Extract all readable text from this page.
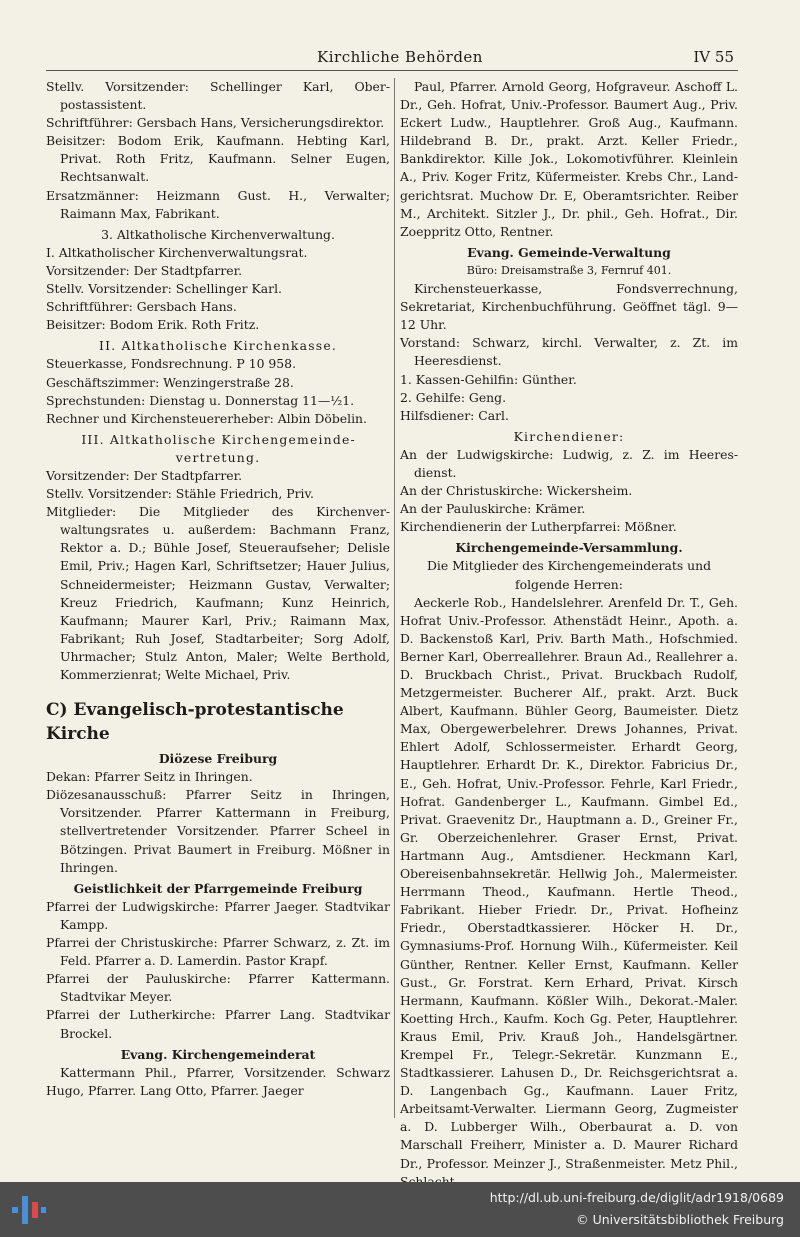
Kirchliche Behörden	IV 55

Stellv. Vorsitzender: Schellinger Karl, Oberpostassistent.

Schriftführer: Gersbach Hans, Versicherungsdirektor.

Beisitzer: Bodom Erik, Kaufmann. Hebting Karl, Privat. Roth Fritz, Kaufmann. Selner Eugen, Rechtsanwalt.

Ersatzmänner: Heizmann Gust. H., Verwalter; Raimann Max, Fabrikant.

3. Altkatholische Kirchenverwaltung.

I. Altkatholischer Kirchenverwaltungsrat.

Vorsitzender: Der Stadtpfarrer.

Stellv. Vorsitzender: Schellinger Karl.

Schriftführer: Gersbach Hans.

Beisitzer: Bodom Erik. Roth Fritz.

II. Altkatholische Kirchenkasse.

Steuerkasse, Fondsrechnung. P 10 958.

Geschäftszimmer: Wenzingerstraße 28.

Sprechstunden: Dienstag u. Donnerstag 11—½1.

Rechner und Kirchensteuererheber: Albin Döbelin.

III. Altkatholische Kirchengemeindevertretung.

Vorsitzender: Der Stadtpfarrer.

Stellv. Vorsitzender: Stähle Friedrich, Priv.

Mitglieder: Die Mitglieder des Kirchenverwaltungsrates u. außerdem: Bachmann Franz, Rektor a. D.; Bühle Josef, Steueraufseher; Delisle Emil, Priv.; Hagen Karl, Schriftsetzer; Hauer Julius, Schneidermeister; Heizmann Gustav, Verwalter; Kreuz Friedrich, Kaufmann; Kunz Heinrich, Kaufmann; Maurer Karl, Priv.; Raimann Max, Fabrikant; Ruh Josef, Stadtarbeiter; Sorg Adolf, Uhrmacher; Stulz Anton, Maler; Welte Berthold, Kommerzienrat; Welte Michael, Priv.

C) Evangelisch-protestantische Kirche

Diözese Freiburg

Dekan: Pfarrer Seitz in Ihringen.

Diözesanausschuß: Pfarrer Seitz in Ihringen, Vorsitzender. Pfarrer Kattermann in Freiburg, stellvertretender Vorsitzender. Pfarrer Scheel in Bötzingen. Privat Baumert in Freiburg. Mößner in Ihringen.

Geistlichkeit der Pfarrgemeinde Freiburg

Pfarrei der Ludwigskirche: Pfarrer Jaeger. Stadtvikar Kampp.

Pfarrei der Christuskirche: Pfarrer Schwarz, z. Zt. im Feld. Pfarrer a. D. Lamerdin. Pastor Krapf.

Pfarrei der Pauluskirche: Pfarrer Kattermann. Stadtvikar Meyer.

Pfarrei der Lutherkirche: Pfarrer Lang. Stadtvikar Brockel.

Evang. Kirchengemeinderat

Kattermann Phil., Pfarrer, Vorsitzender. Schwarz Hugo, Pfarrer. Lang Otto, Pfarrer. Jaeger

Paul, Pfarrer. Arnold Georg, Hofgraveur. Aschoff L. Dr., Geh. Hofrat, Univ.-Professor. Baumert Aug., Priv. Eckert Ludw., Hauptlehrer. Groß Aug., Kaufmann. Hildebrand B. Dr., prakt. Arzt. Keller Friedr., Bankdirektor. Kille Jok., Lokomotivführer. Kleinlein A., Priv. Koger Fritz, Küfermeister. Krebs Chr., Landgerichtsrat. Muchow Dr. E, Oberamtsrichter. Reiber M., Architekt. Sitzler J., Dr. phil., Geh. Hofrat., Dir. Zoeppritz Otto, Rentner.

Evang. Gemeinde-Verwaltung

Büro: Dreisamstraße 3, Fernruf 401.

Kirchensteuerkasse, Fondsverrechnung, Sekretariat, Kirchenbuchführung. Geöffnet tägl. 9—12 Uhr.

Vorstand: Schwarz, kirchl. Verwalter, z. Zt. im Heeresdienst.

1. Kassen-Gehilfin: Günther.

2. Gehilfe: Geng.

Hilfsdiener: Carl.

Kirchendiener:

An der Ludwigskirche: Ludwig, z. Z. im Heeresdienst.

An der Christuskirche: Wickersheim.

An der Pauluskirche: Krämer.

Kirchendienerin der Lutherpfarrei: Mößner.

Kirchengemeinde-Versammlung.

Die Mitglieder des Kirchengemeinderats und folgende Herren:

Aeckerle Rob., Handelslehrer. Arenfeld Dr. T., Geh. Hofrat Univ.-Professor. Athenstädt Heinr., Apoth. a. D. Backenstoß Karl, Priv. Barth Math., Hofschmied. Berner Karl, Oberreallehrer. Braun Ad., Reallehrer a. D. Bruckbach Christ., Privat. Bruckbach Rudolf, Metzgermeister. Bucherer Alf., prakt. Arzt. Buck Albert, Kaufmann. Bühler Georg, Baumeister. Dietz Max, Obergewerbelehrer. Drews Johannes, Privat. Ehlert Adolf, Schlossermeister. Erhardt Georg, Hauptlehrer. Erhardt Dr. K., Direktor. Fabricius Dr., E., Geh. Hofrat, Univ.-Professor. Fehrle, Karl Friedr., Hofrat. Gandenberger L., Kaufmann. Gimbel Ed., Privat. Graevenitz Dr., Hauptmann a. D., Greiner Fr., Gr. Oberzeichenlehrer. Graser Ernst, Privat. Hartmann Aug., Amtsdiener. Heckmann Karl, Obereisenbahnsekretär. Hellwig Joh., Malermeister. Herrmann Theod., Kaufmann. Hertle Theod., Fabrikant. Hieber Friedr. Dr., Privat. Hofheinz Friedr., Oberstadtkassierer. Höcker H. Dr., Gymnasiums-Prof. Hornung Wilh., Küfermeister. Keil Günther, Rentner. Keller Ernst, Kaufmann. Keller Gust., Gr. Forstrat. Kern Erhard, Privat. Kirsch Hermann, Kaufmann. Kößler Wilh., Dekorat.-Maler. Koetting Hrch., Kaufm. Koch Gg. Peter, Hauptlehrer. Kraus Emil, Priv. Krauß Joh., Handelsgärtner. Krempel Fr., Telegr.-Sekretär. Kunzmann E., Stadtkassierer. Lahusen D., Dr. Reichsgerichtsrat a. D. Langenbach Gg., Kaufmann. Lauer Fritz, Arbeitsamt-Verwalter. Liermann Georg, Zugmeister a. D. Lubberger Wilh., Oberbaurat a. D. von Marschall Freiherr, Minister a. D. Maurer Richard Dr., Professor. Meinzer J., Straßenmeister. Metz Phil.,

http://dl.ub.uni-freiburg.de/diglit/adr1918/0689
© Universitätsbibliothek Freiburg
